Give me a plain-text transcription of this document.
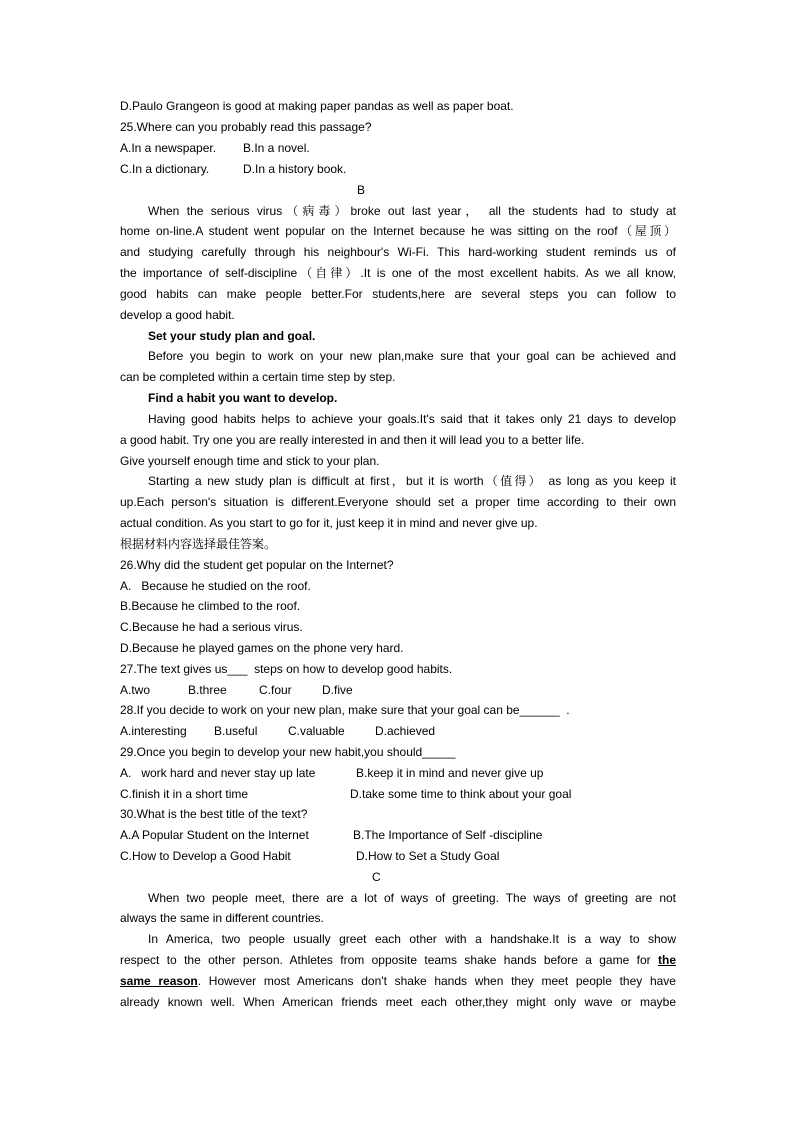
D.Paulo Grangeon is good at making paper pandas as well as paper boat.
25.Where can you probably read this passage?
A.In a newspaper. B.In a novel.
C.In a dictionary.	D.In a history book.
B
When the serious virus（病毒）broke out last year， all the students had to study at
home on-line.A student went popular on the Internet because he was sitting on the roof（屋顶）
and studying carefully through his neighbour's Wi-Fi. This hard-working student reminds us of
the importance of self-discipline（自律）.It is one of the most excellent habits. As we all know,
good habits can make people better.For students,here are several steps you can follow to
develop a good habit.
Set your study plan and goal.
Before you begin to work on your new plan,make sure that your goal can be achieved and
can be completed within a certain time step by step.
Find a habit you want to develop.
Having good habits helps to achieve your goals.It's said that it takes only 21 days to develop
a good habit. Try one you are really interested in and then it will lead you to a better life.
Give yourself enough time and stick to your plan.
Starting a new study plan is difficult at first，but it is worth（值得） as long as you keep it
up.Each person's situation is different.Everyone should set a proper time according to their own
actual condition. As you start to go for it, just keep it in mind and never give up.
根据材料内容选择最佳答案。
26.Why did the student get popular on the Internet?
A.   Because he studied on the roof.
B.Because he climbed to the roof.
C.Because he had a serious virus.
D.Because he played games on the phone very hard.
27.The text gives us___  steps on how to develop good habits.
A.two	B.three	C.four	D.five
28.If you decide to work on your new plan, make sure that your goal can be______  .
A.interesting B.useful	C.valuable	D.achieved
29.Once you begin to develop your new habit,you should_____
A.   work hard and never stay up late	B.keep it in mind and never give up
C.finish it in a short time	D.take some time to think about your goal
30.What is the best title of the text?
A.A Popular Student on the Internet	B.The Importance of Self -discipline
C.How to Develop a Good Habit	D.How to Set a Study Goal
C
When two people meet, there are a lot of ways of greeting. The ways of greeting are not
always the same in different countries.
In America, two people usually greet each other with a handshake.It is a way to show
respect to the other person. Athletes from opposite teams shake hands before a game for the
same reason. However most Americans don't shake hands when they meet people they have
already known well. When American friends meet each other,they might only wave or maybe
